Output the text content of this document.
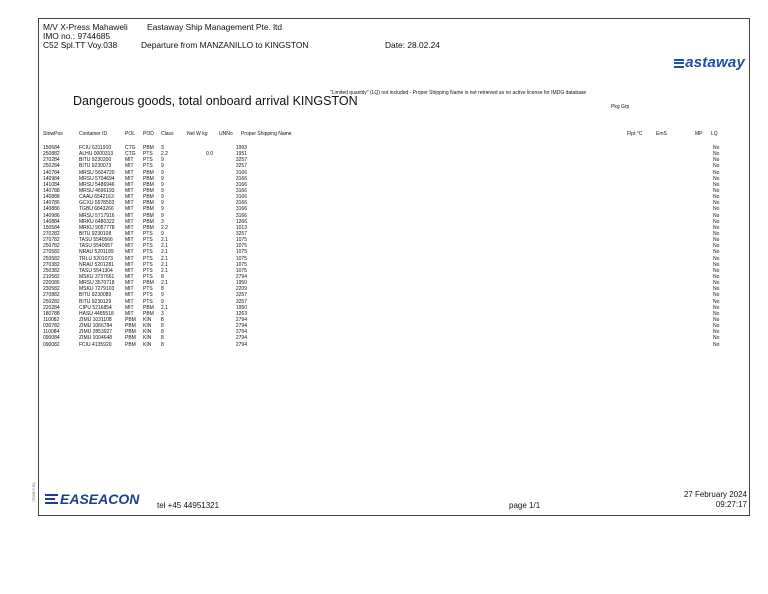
M/V X-Press Mahaweli Eastaway Ship Management Pte. ltd
IMO no.: 9744685
C52 Spl.TT Voy.038	Departure from MANZANILLO to KINGSTON	Date: 28.02.24
astaway
"Limited quantity" (LQ) not included - Proper Shipping Name is not retrieved as no active license for IMDG database
Dangerous goods, total onboard arrival KINGSTON	Pkg Grp
StowPos	Container ID	POL POD Class	Net W kg UNNo Proper Shipping Name	Flpt °C	EmS	MP LQ
150684	FCIU 6311910	CTG PBM 3	1993	No
250882	ALHU 0000313 CTG PTS 2.2	0.0	1951	No
270284	BITU 9230200	MIT PTS 9	3257	No
250284	BITU 9230073	MIT PTS 9	3257	No
140784	MRSU 5604720 MIT PBM 9	3166	No
140984	MRSU 5704694 MIT PBM 9	3166	No
141084	MRSU 5486946 MIT PBM 9	3166	No
140788	MRSU 4696193 MIT PBM 9	3166	No
140888	CAAU 6542163 MIT PBM 9	3166	No
140786	GCXU 5578503 MIT PBM 9	3166	No
140886	TGBU 6843266 MIT PBM 9	3166	No
140986	MRSU 5717916 MIT PBM 9	3166	No
140884	MRKU 6480322 MIT PBM 3	1266	No
150584	MRKU 9057778 MIT PBM 2.2	1013	No
270282	BITU 9230108	MIT PTS 9	3257	No
270782	TASU 5540566 MIT PTS 2.1	1075	No
250782	TASU 5540057 MIT PTS 2.1	1075	No
270582	NRAU 5201189 MIT PTS 2.1	1075	No
250582	TRLU 5201073 MIT PTS 2.1	1075	No
270382	NRAU 5201281 MIT PTS 2.1	1075	No
250382	TASU 5541304 MIT PTS 2.1	1075	No
210582	MSKU 3737661 MIT PTS 8	2794	No
220086	MRSU 3570718 MIT PBM 2.1	1950	No
230582	MSKU 7279103 MIT PTS 8	2209	No
270882	BITU 9230089	MIT PTS 9	3257	No
250282	BITU 9230129	MIT PTS 9	3257	No
220284	CIPU 5216854	MIT PBM 2.1	1950	No
180788	HASU 4485518 MIT PBM 3	1263	No
110082	ZIMU 1031108	PBM KIN 8	2794	No
030782	ZIMU 1066784	PBM KIN 8	2794	No
110084	ZIMU 2853927	PBM KIN 8	2794	No
090084	ZIMU 1004648	PBM KIN 8	2794	No
090082	FCIU 4135920	PBM KIN 8	2794	No
EASEACON tel +45 44951321	page 1/1
27 February 2024
09:27:17
(TGSB 9.50)
